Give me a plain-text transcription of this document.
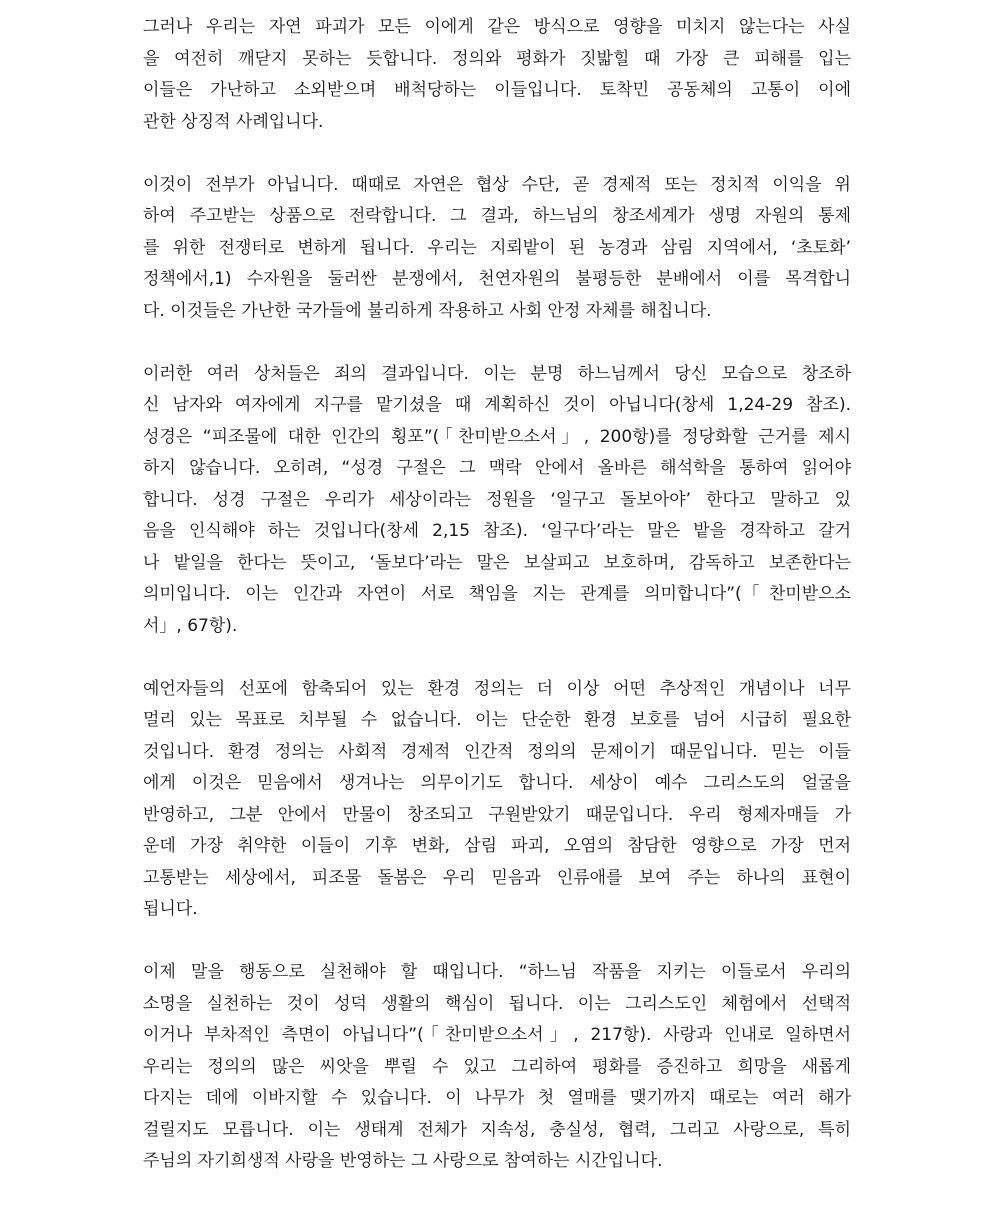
그러나 우리는 자연 파괴가 모든 이에게 같은 방식으로 영향을 미치지 않는다는 사실
을 여전히 깨닫지 못하는 듯합니다. 정의와 평화가 짓밟힐 때 가장 큰 피해를 입는
이들은 가난하고 소외받으며 배척당하는 이들입니다. 토착민 공동체의 고통이 이에
관한 상징적 사례입니다.
이것이 전부가 아닙니다. 때때로 자연은 협상 수단, 곧 경제적 또는 정치적 이익을 위
하여 주고받는 상품으로 전락합니다. 그 결과, 하느님의 창조세계가 생명 자원의 통제
를 위한 전쟁터로 변하게 됩니다. 우리는 지뢰밭이 된 농경과 삼림 지역에서, ‘초토화’
정책에서,1) 수자원을 둘러싼 분쟁에서, 천연자원의 불평등한 분배에서 이를 목격합니
다. 이것들은 가난한 국가들에 불리하게 작용하고 사회 안정 자체를 해칩니다.
이러한 여러 상처들은 죄의 결과입니다. 이는 분명 하느님께서 당신 모습으로 창조하
신 남자와 여자에게 지구를 맡기셨을 때 계획하신 것이 아닙니다(창세 1,24-29 참조).
성경은 “피조물에 대한 인간의 횡포”(「찬미받으소서」, 200항)를 정당화할 근거를 제시
하지 않습니다. 오히려, “성경 구절은 그 맥락 안에서 올바른 해석학을 통하여 읽어야
합니다. 성경 구절은 우리가 세상이라는 정원을 ‘일구고 돌보아야’ 한다고 말하고 있
음을 인식해야 하는 것입니다(창세 2,15 참조). ‘일구다’라는 말은 밭을 경작하고 갈거
나 밭일을 한다는 뜻이고, ‘돌보다’라는 말은 보살피고 보호하며, 감독하고 보존한다는
의미입니다. 이는 인간과 자연이 서로 책임을 지는 관계를 의미합니다”(「찬미받으소
서」, 67항).
예언자들의 선포에 함축되어 있는 환경 정의는 더 이상 어떤 추상적인 개념이나 너무
멀리 있는 목표로 치부될 수 없습니다. 이는 단순한 환경 보호를 넘어 시급히 필요한
것입니다. 환경 정의는 사회적 경제적 인간적 정의의 문제이기 때문입니다. 믿는 이들
에게 이것은 믿음에서 생겨나는 의무이기도 합니다. 세상이 예수 그리스도의 얼굴을
반영하고, 그분 안에서 만물이 창조되고 구원받았기 때문입니다. 우리 형제자매들 가
운데 가장 취약한 이들이 기후 변화, 삼림 파괴, 오염의 참담한 영향으로 가장 먼저
고통받는 세상에서, 피조물 돌봄은 우리 믿음과 인류애를 보여 주는 하나의 표현이
됩니다.
이제 말을 행동으로 실천해야 할 때입니다. “하느님 작품을 지키는 이들로서 우리의
소명을 실천하는 것이 성덕 생활의 핵심이 됩니다. 이는 그리스도인 체험에서 선택적
이거나 부차적인 측면이 아닙니다”(「찬미받으소서」, 217항). 사랑과 인내로 일하면서
우리는 정의의 많은 씨앗을 뿌릴 수 있고 그리하여 평화를 증진하고 희망을 새롭게
다지는 데에 이바지할 수 있습니다. 이 나무가 첫 열매를 맺기까지 때로는 여러 해가
걸릴지도 모릅니다. 이는 생태계 전체가 지속성, 충실성, 협력, 그리고 사랑으로, 특히
주님의 자기희생적 사랑을 반영하는 그 사랑으로 참여하는 시간입니다.
